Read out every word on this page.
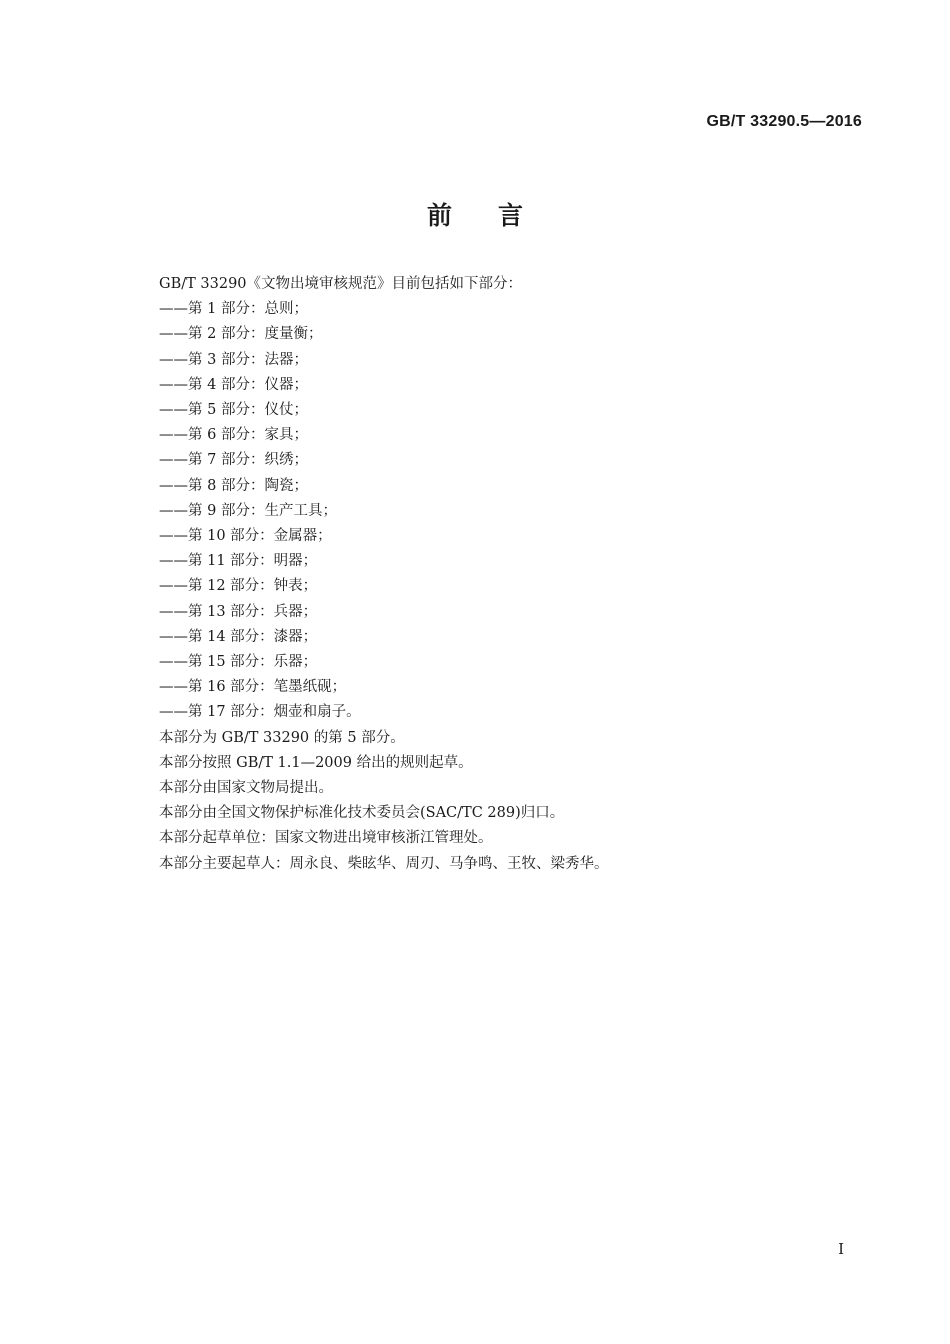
GB/T 33290.5—2016
前言
GB/T 33290《文物出境审核规范》目前包括如下部分：
——第 1 部分：总则；
——第 2 部分：度量衡；
——第 3 部分：法器；
——第 4 部分：仪器；
——第 5 部分：仪仗；
——第 6 部分：家具；
——第 7 部分：织绣；
——第 8 部分：陶瓷；
——第 9 部分：生产工具；
——第 10 部分：金属器；
——第 11 部分：明器；
——第 12 部分：钟表；
——第 13 部分：兵器；
——第 14 部分：漆器；
——第 15 部分：乐器；
——第 16 部分：笔墨纸砚；
——第 17 部分：烟壶和扇子。
本部分为 GB/T 33290 的第 5 部分。
本部分按照 GB/T 1.1—2009 给出的规则起草。
本部分由国家文物局提出。
本部分由全国文物保护标准化技术委员会(SAC/TC 289)归口。
本部分起草单位：国家文物进出境审核浙江管理处。
本部分主要起草人：周永良、柴眩华、周刃、马争鸣、王牧、梁秀华。
I
